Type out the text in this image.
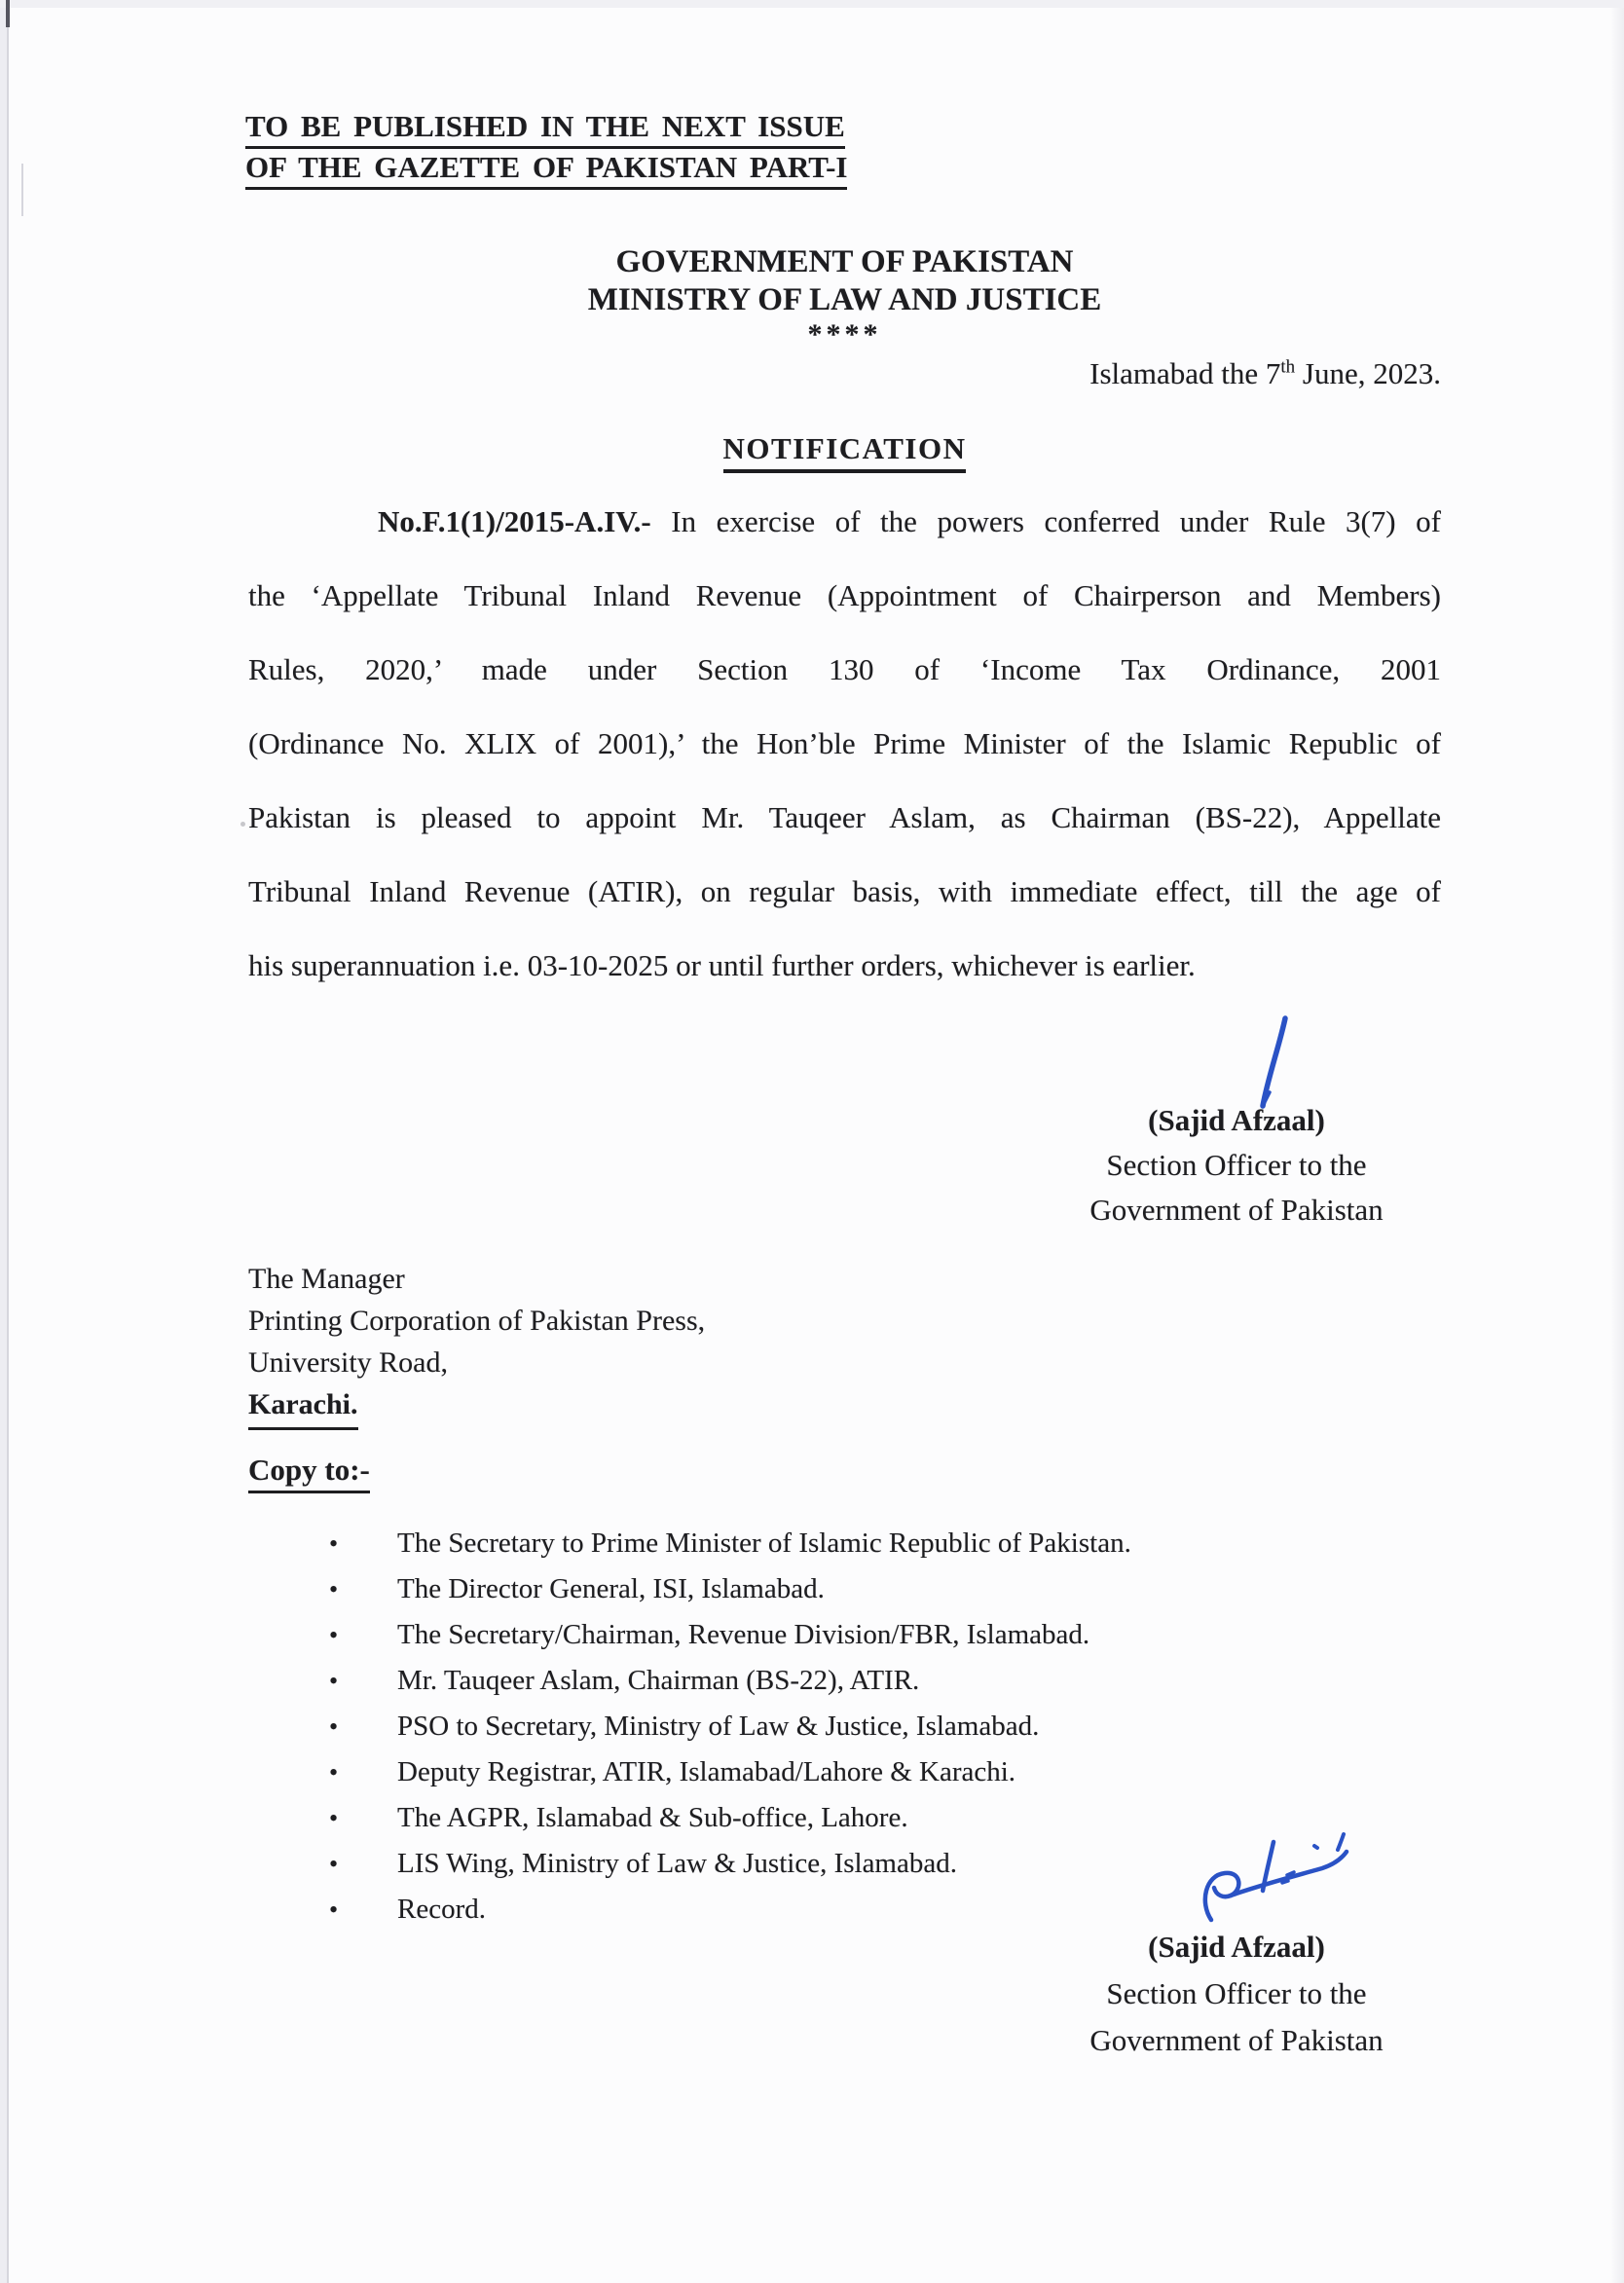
TO BE PUBLISHED IN THE NEXT ISSUE
OF THE GAZETTE OF PAKISTAN PART-I
GOVERNMENT OF PAKISTAN
MINISTRY OF LAW AND JUSTICE
****
Islamabad the 7th June, 2023.
NOTIFICATION
No.F.1(1)/2015-A.IV.- In exercise of the powers conferred under Rule 3(7) of
the ‘Appellate Tribunal Inland Revenue (Appointment of Chairperson and Members)
Rules, 2020,’ made under Section 130 of ‘Income Tax Ordinance, 2001
(Ordinance No. XLIX of 2001),’ the Hon’ble Prime Minister of the Islamic Republic of
Pakistan is pleased to appoint Mr. Tauqeer Aslam, as Chairman (BS-22), Appellate
Tribunal Inland Revenue (ATIR), on regular basis, with immediate effect, till the age of
his superannuation i.e. 03-10-2025 or until further orders, whichever is earlier.
(Sajid Afzaal)
Section Officer to the
Government of Pakistan
The Manager
Printing Corporation of Pakistan Press,
University Road,
Karachi.
Copy to:-
•	The Secretary to Prime Minister of Islamic Republic of Pakistan.
•	The Director General, ISI, Islamabad.
•	The Secretary/Chairman, Revenue Division/FBR, Islamabad.
•	Mr. Tauqeer Aslam, Chairman (BS-22), ATIR.
•	PSO to Secretary, Ministry of Law & Justice, Islamabad.
•	Deputy Registrar, ATIR, Islamabad/Lahore & Karachi.
•	The AGPR, Islamabad & Sub-office, Lahore.
•	LIS Wing, Ministry of Law & Justice, Islamabad.
•	Record.
(Sajid Afzaal)
Section Officer to the
Government of Pakistan
